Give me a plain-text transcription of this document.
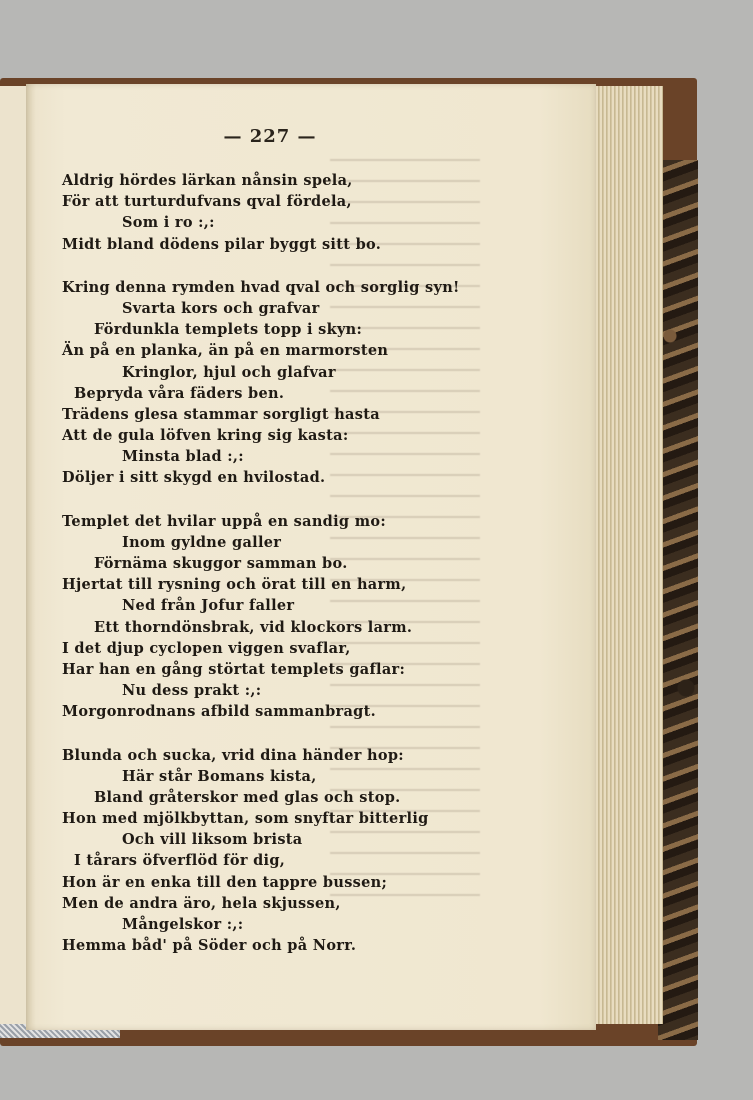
— 227 —
Aldrig hördes lärkan nånsin spela,
För att turturdufvans qval fördela,
Som i ro :,:
Midt bland dödens pilar byggt sitt bo.
Kring denna rymden hvad qval och sorglig syn!
Svarta kors och grafvar
Fördunkla templets topp i skyn:
Än på en planka, än på en marmorsten
Kringlor, hjul och glafvar
Bepryda våra fäders ben.
Trädens glesa stammar sorgligt hasta
Att de gula löfven kring sig kasta:
Minsta blad :,:
Döljer i sitt skygd en hvilostad.
Templet det hvilar uppå en sandig mo:
Inom gyldne galler
Förnäma skuggor samman bo.
Hjertat till rysning och örat till en harm,
Ned från Jofur faller
Ett thorndönsbrak, vid klockors larm.
I det djup cyclopen viggen svaflar,
Har han en gång störtat templets gaflar:
Nu dess prakt :,:
Morgonrodnans afbild sammanbragt.
Blunda och sucka, vrid dina händer hop:
Här står Bomans kista,
Bland gråterskor med glas och stop.
Hon med mjölkbyttan, som snyftar bitterlig
Och vill liksom brista
I tårars öfverflöd för dig,
Hon är en enka till den tappre bussen;
Men de andra äro, hela skjussen,
Mångelskor :,:
Hemma båd' på Söder och på Norr.
